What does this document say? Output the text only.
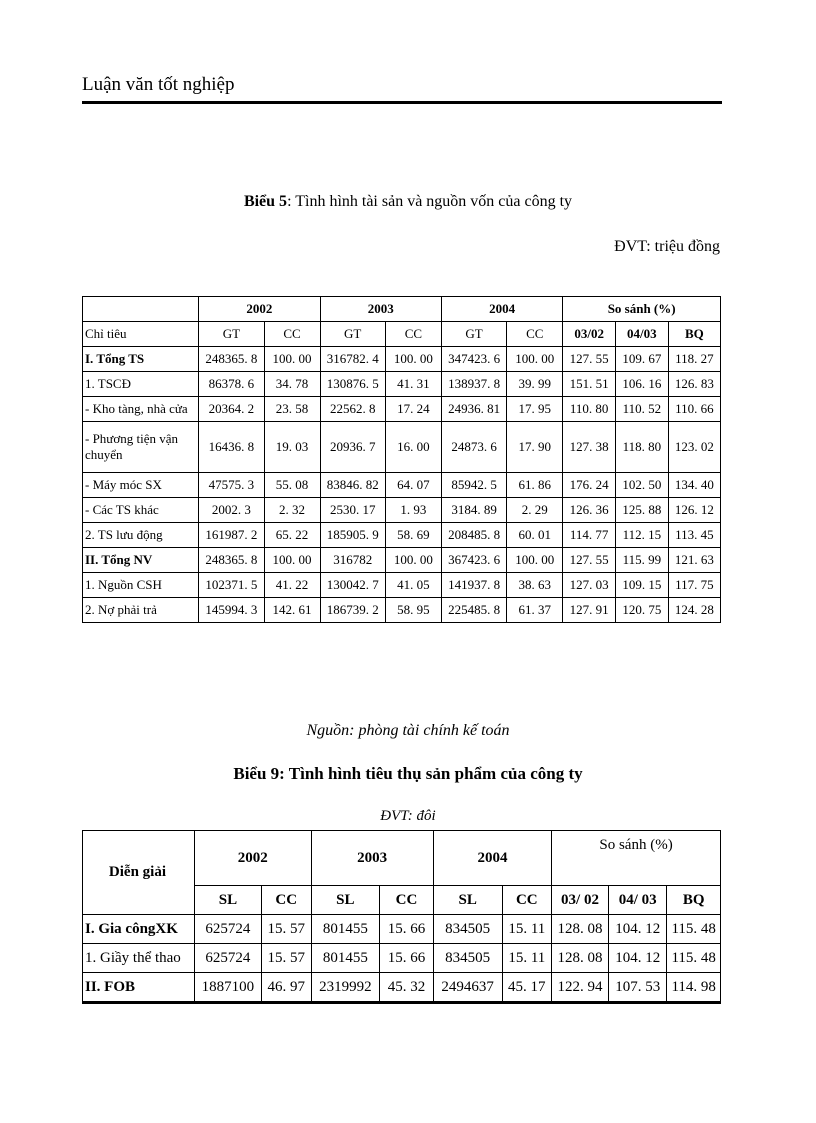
Luận văn tốt nghiệp
Biểu 5: Tình hình tài sản và nguồn vốn của công ty
ĐVT: triệu đồng
	2002		2003		2004		So sánh (%)		
Chỉ tiêu	GT	CC	GT	CC	GT	CC	03/02	04/03	BQ
I. Tổng TS	248365. 8	100. 00	316782. 4	100. 00	347423. 6	100. 00	127. 55	109. 67	118. 27
1. TSCĐ	86378. 6	34. 78	130876. 5	41. 31	138937. 8	39. 99	151. 51	106. 16	126. 83
- Kho tàng, nhà cửa	20364. 2	23. 58	22562. 8	17. 24	24936. 81	17. 95	110. 80	110. 52	110. 66
- Phương tiện vận chuyển	16436. 8	19. 03	20936. 7	16. 00	24873. 6	17. 90	127. 38	118. 80	123. 02
- Máy móc SX	47575. 3	55. 08	83846. 82	64. 07	85942. 5	61. 86	176. 24	102. 50	134. 40
- Các TS khác	2002. 3	2. 32	2530. 17	1. 93	3184. 89	2. 29	126. 36	125. 88	126. 12
2. TS lưu động	161987. 2	65. 22	185905. 9	58. 69	208485. 8	60. 01	114. 77	112. 15	113. 45
II. Tổng NV	248365. 8	100. 00	316782	100. 00	367423. 6	100. 00	127. 55	115. 99	121. 63
1. Nguồn CSH	102371. 5	41. 22	130042. 7	41. 05	141937. 8	38. 63	127. 03	109. 15	117. 75
2. Nợ phải trả	145994. 3	142. 61	186739. 2	58. 95	225485. 8	61. 37	127. 91	120. 75	124. 28
Nguồn: phòng tài chính kế toán
Biểu 9: Tình hình tiêu thụ sản phẩm của công ty
ĐVT: đôi
Diễn giải	2002		2003		2004		So sánh (%)		
	SL	CC	SL	CC	SL	CC	03/ 02	04/ 03	BQ
I. Gia côngXK	625724	15. 57	801455	15. 66	834505	15. 11	128. 08	104. 12	115. 48
1. Giầy thể thao	625724	15. 57	801455	15. 66	834505	15. 11	128. 08	104. 12	115. 48
II. FOB	1887100	46. 97	2319992	45. 32	2494637	45. 17	122. 94	107. 53	114. 98
